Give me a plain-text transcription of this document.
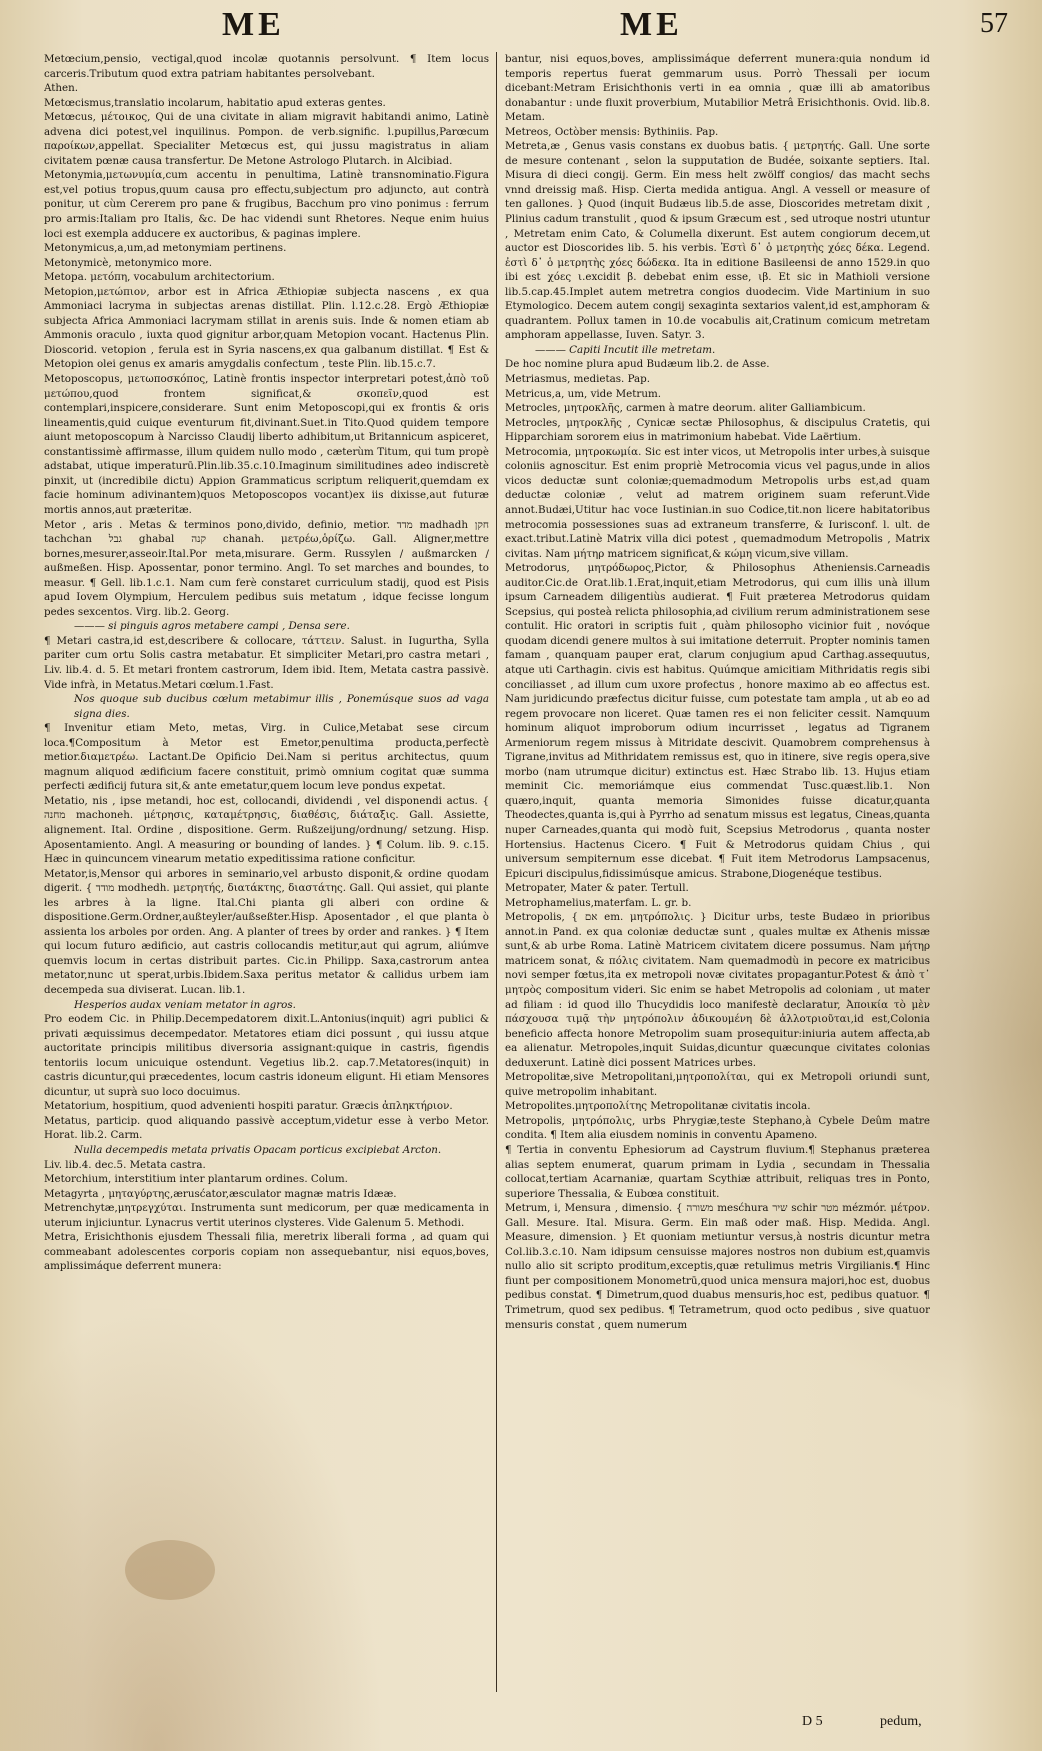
ME	ME	57

Metœcium,pensio, vectigal,quod incolæ quotannis persolvunt. ¶ Item locus carceris.Tributum quod extra patriam habitantes persolvebant.

Athen.

Metœcismus,translatio incolarum, habitatio apud exteras gentes.

Metœcus, μέτοικος, Qui de una civitate in aliam migravit habitandi animo, Latinè advena dici potest,vel inquilinus. Pompon. de verb.signific. l.pupillus,Parœcum παροίκων,appellat. Specialiter Metœcus est, qui jussu magistratus in aliam civitatem pœnæ causa transfertur. De Metone Astrologo Plutarch. in Alcibiad.

Metonymia,μετωνυμία,cum accentu in penultima, Latinè transnominatio.Figura est,vel potius tropus,quum causa pro effectu,subjectum pro adjuncto, aut contrà ponitur, ut cùm Cererem pro pane & frugibus, Bacchum pro vino ponimus : ferrum pro armis:Italiam pro Italis, &c. De hac videndi sunt Rhetores. Neque enim huius loci est exempla adducere ex auctoribus, & paginas implere.

Metonymicus,a,um,ad metonymiam pertinens.

Metonymicè, metonymico more.

Metopa. μετόπη, vocabulum architectorium.

Metopion,μετώπιον, arbor est in Africa Æthiopiæ subjecta nascens , ex qua Ammoniaci lacryma in subjectas arenas distillat. Plin. l.12.c.28. Ergò Æthiopiæ subjecta Africa Ammoniaci lacrymam stillat in arenis suis. Inde & nomen etiam ab Ammonis oraculo , iuxta quod gignitur arbor,quam Metopion vocant. Hactenus Plin. Dioscorid. vetopion , ferula est in Syria nascens,ex qua galbanum distillat. ¶ Est & Metopion olei genus ex amaris amygdalis confectum , teste Plin. lib.15.c.7.

Metoposcopus, μετωποσκόπος, Latinè frontis inspector interpretari potest,ἀπὸ τοῦ μετώπου,quod frontem significat,& σκοπεῖν,quod est contemplari,inspicere,considerare. Sunt enim Metoposcopi,qui ex frontis & oris lineamentis,quid cuique eventurum fit,divinant.Suet.in Tito.Quod quidem tempore aiunt metoposcopum à Narcisso Claudij liberto adhibitum,ut Britannicum aspiceret, constantissimè affirmasse, illum quidem nullo modo , cæterùm Titum, qui tum propè adstabat, utique imperaturū.Plin.lib.35.c.10.Imaginum similitudines adeo indiscretè pinxit, ut (incredibile dictu) Appion Grammaticus scriptum reliquerit,quemdam ex facie hominum adivinantem)quos Metoposcopos vocant)ex iis dixisse,aut futuræ mortis annos,aut præteritæ.

Metor , aris . Metas & terminos pono,divido, definio, metior. מדד madhadh חקן tachchan גבל ghabal קנה chanah. μετρέω,ὁρίζω. Gall. Aligner,mettre bornes,mesurer,asseoir.Ital.Por meta,misurare. Germ. Russylen / außmarcken / außmeßen. Hisp. Apossentar, ponor termino. Angl. To set marches and boundes, to measur. ¶ Gell. lib.1.c.1. Nam cum ferè constaret curriculum stadij, quod est Pisis apud Iovem Olympium, Herculem pedibus suis metatum , idque fecisse longum pedes sexcentos. Virg. lib.2. Georg.

——— si pinguis agros metabere campi , Densa sere.

¶ Metari castra,id est,describere & collocare, τάττειν. Salust. in Iugurtha, Sylla pariter cum ortu Solis castra metabatur. Et simpliciter Metari,pro castra metari , Liv. lib.4. d. 5. Et metari frontem castrorum, Idem ibid. Item, Metata castra passivè. Vide infrà, in Metatus.Metari cœlum.1.Fast.

Nos quoque sub ducibus cœlum metabimur illis , Ponemúsque suos ad vaga signa dies.

¶ Invenitur etiam Meto, metas, Virg. in Culice,Metabat sese circum loca.¶Compositum à Metor est Emetor,penultima producta,perfectè metior.διαμετρέω. Lactant.De Opificio Dei.Nam si peritus architectus, quum magnum aliquod ædificium facere constituit, primò omnium cogitat quæ summa perfecti ædificij futura sit,& ante emetatur,quem locum leve pondus expetat.

Metatio, nis , ipse metandi, hoc est, collocandi, dividendi , vel disponendi actus. { מחנה machoneh. μέτρησις, καταμέτρησις, διαθέσις, διάταξις. Gall. Assiette, alignement. Ital. Ordine , dispositione. Germ. Rußzeijung/ordnung/ setzung. Hisp. Aposentamiento. Angl. A measuring or bounding of landes. } ¶ Colum. lib. 9. c.15. Hæc in quincuncem vinearum metatio expeditissima ratione conficitur.

Metator,is,Mensor qui arbores in seminario,vel arbusto disponit,& ordine quodam digerit. { מודד modhedh. μετρητής, διατάκτης, διαστάτης. Gall. Qui assiet, qui plante les arbres à la ligne. Ital.Chi pianta gli alberi con ordine & dispositione.Germ.Ordner,außteyler/außseßter.Hisp. Aposentador , el que planta ò assienta los arboles por orden. Ang. A planter of trees by order and rankes. } ¶ Item qui locum futuro ædificio, aut castris collocandis metitur,aut qui agrum, aliúmve quemvis locum in certas distribuit partes. Cic.in Philipp. Saxa,castrorum antea metator,nunc ut sperat,urbis.Ibidem.Saxa peritus metator & callidus urbem iam decempeda sua diviserat. Lucan. lib.1.

Hesperios audax veniam metator in agros.

Pro eodem Cic. in Philip.Decempedatorem dixit.L.Antonius(inquit) agri publici & privati æquissimus decempedator. Metatores etiam dici possunt , qui iussu atque auctoritate principis militibus diversoria assignant:quique in castris, figendis tentoriis locum unicuique ostendunt. Vegetius lib.2. cap.7.Metatores(inquit) in castris dicuntur,qui præcedentes, locum castris idoneum eligunt. Hi etiam Mensores dicuntur, ut suprà suo loco docuimus.

Metatorium, hospitium, quod advenienti hospiti paratur. Græcis ἀπληκτήριον.

Metatus, particip. quod aliquando passivè acceptum,videtur esse à verbo Metor. Horat. lib.2. Carm.

Nulla decempedis metata privatis Opacam porticus excipiebat Arcton.

Liv. lib.4. dec.5. Metata castra.

Metorchium, interstitium inter plantarum ordines. Colum.

Metagyrta , μηταγύρτης,ærusćator,æsculator magnæ matris Idææ.

Metrenchytæ,μητρεγχύται. Instrumenta sunt medicorum, per quæ medicamenta in uterum injiciuntur. Lynacrus vertit uterinos clysteres. Vide Galenum 5. Methodi.

Metra, Erisichthonis ejusdem Thessali filia, meretrix liberali forma , ad quam qui commeabant adolescentes corporis copiam non assequebantur, nisi equos,boves, amplissimáque deferrent munera:

bantur, nisi equos,boves, amplissimáque deferrent munera:quia nondum id temporis repertus fuerat gemmarum usus. Porrò Thessali per iocum dicebant:Metram Erisichthonis verti in ea omnia , quæ illi ab amatoribus donabantur : unde fluxit proverbium, Mutabilior Metrâ Erisichthonis. Ovid. lib.8. Metam.

Metreos, Octòber mensis: Bythiniis. Pap.

Metreta,æ , Genus vasis constans ex duobus batis. { μετρητής. Gall. Une sorte de mesure contenant , selon la supputation de Budée, soixante septiers. Ital. Misura di dieci congij. Germ. Ein mess helt zwölff congios/ das macht sechs vnnd dreissig maß. Hisp. Cierta medida antigua. Angl. A vessell or measure of ten gallones. } Quod (inquit Budæus lib.5.de asse, Dioscorides metretam dixit , Plinius cadum transtulit , quod & ipsum Græcum est , sed utroque nostri utuntur , Metretam enim Cato, & Columella dixerunt. Est autem congiorum decem,ut auctor est Dioscorides lib. 5. his verbis. Ἐστὶ δ᾽ ὁ μετρητὴς χόες δέκα. Legend. ἐστὶ δ᾽ ὁ μετρητὴς χόες δώδεκα. Ita in editione Basileensi de anno 1529.in quo ibi est χόες ι.excidit β. debebat enim esse, ιβ. Et sic in Mathioli versione lib.5.cap.45.Implet autem metretra congios duodecim. Vide Martinium in suo Etymologico. Decem autem congij sexaginta sextarios valent,id est,amphoram & quadrantem. Pollux tamen in 10.de vocabulis ait,Cratinum comicum metretam amphoram appellasse, Iuven. Satyr. 3.

——— Capiti Incutit ille metretam.

De hoc nomine plura apud Budæum lib.2. de Asse.

Metriasmus, medietas. Pap.

Metricus,a, um, vide Metrum.

Metrocles, μητροκλῆς, carmen à matre deorum. aliter Galliambicum.

Metrocles, μητροκλῆς , Cynicæ sectæ Philosophus, & discipulus Cratetis, qui Hipparchiam sororem eius in matrimonium habebat. Vide Laërtium.

Metrocomia, μητροκωμία. Sic est inter vicos, ut Metropolis inter urbes,à suisque coloniis agnoscitur. Est enim propriè Metrocomia vicus vel pagus,unde in alios vicos deductæ sunt coloniæ;quemadmodum Metropolis urbs est,ad quam deductæ coloniæ , velut ad matrem originem suam referunt.Vide annot.Budæi,Utitur hac voce Iustinian.in suo Codice,tit.non licere habitatoribus metrocomia possessiones suas ad extraneum transferre, & Iurisconf. l. ult. de exact.tribut.Latinè Matrix villa dici potest , quemadmodum Metropolis , Matrix civitas. Nam μήτηρ matricem significat,& κώμη vicum,sive villam.

Metrodorus, μητρόδωρος,Pictor, & Philosophus Atheniensis.Carneadis auditor.Cic.de Orat.lib.1.Erat,inquit,etiam Metrodorus, qui cum illis unà illum ipsum Carneadem diligentiùs audierat. ¶ Fuit præterea Metrodorus quidam Scepsius, qui posteà relicta philosophia,ad civilium rerum administrationem sese contulit. Hic oratori in scriptis fuit , quàm philosopho vicinior fuit , novóque quodam dicendi genere multos à sui imitatione deterruit. Propter nominis tamen famam , quanquam pauper erat, clarum conjugium apud Carthag.assequutus, atque uti Carthagin. civis est habitus. Quúmque amicitiam Mithridatis regis sibi conciliasset , ad illum cum uxore profectus , honore maximo ab eo affectus est. Nam juridicundo præfectus dicitur fuisse, cum potestate tam ampla , ut ab eo ad regem provocare non liceret. Quæ tamen res ei non feliciter cessit. Namquum hominum aliquot improborum odium incurrisset , legatus ad Tigranem Armeniorum regem missus à Mitridate descivit. Quamobrem comprehensus à Tigrane,invitus ad Mithridatem remissus est, quo in itinere, sive regis opera,sive morbo (nam utrumque dicitur) extinctus est. Hæc Strabo lib. 13. Hujus etiam meminit Cic. memoriámque eius commendat Tusc.quæst.lib.1. Non quæro,inquit, quanta memoria Simonides fuisse dicatur,quanta Theodectes,quanta is,qui à Pyrrho ad senatum missus est legatus, Cineas,quanta nuper Carneades,quanta qui modò fuit, Scepsius Metrodorus , quanta noster Hortensius. Hactenus Cicero. ¶ Fuit & Metrodorus quidam Chius , qui universum sempiternum esse dicebat. ¶ Fuit item Metrodorus Lampsacenus, Epicuri discipulus,fidissimúsque amicus. Strabone,Diogenéque testibus.

Metropater, Mater & pater. Tertull.

Metrophamelius,materfam. L. gr. b.

Metropolis, { אם em. μητρόπολις. } Dicitur urbs, teste Budæo in prioribus annot.in Pand. ex qua coloniæ deductæ sunt , quales multæ ex Athenis missæ sunt,& ab urbe Roma. Latinè Matricem civitatem dicere possumus. Nam μήτηρ matricem sonat, & πόλις civitatem. Nam quemadmodù in pecore ex matricibus novi semper fœtus,ita ex metropoli novæ civitates propagantur.Potest & ἀπὸ τ᾽ μητρὸς compositum videri. Sic enim se habet Metropolis ad coloniam , ut mater ad filiam : id quod illo Thucydidis loco manifestè declaratur, Ἀποικία τὸ μὲν πάσχουσα τιμᾷ τὴν μητρόπολιν ἀδικουμένη δὲ ἀλλοτριοῦται,id est,Colonia beneficio affecta honore Metropolim suam prosequitur:iniuria autem affecta,ab ea alienatur. Metropoles,inquit Suidas,dicuntur quæcunque civitates colonias deduxerunt. Latinè dici possent Matrices urbes.

Metropolitæ,sive Metropolitani,μητροπολίται, qui ex Metropoli oriundi sunt, quive metropolim inhabitant.

Metropolites.μητροπολίτης Metropolitanæ civitatis incola.

Metropolis, μητρόπολις, urbs Phrygiæ,teste Stephano,à Cybele Deûm matre condita. ¶ Item alia eiusdem nominis in conventu Apameno.

¶ Tertia in conventu Ephesiorum ad Caystrum fluvium.¶ Stephanus præterea alias septem enumerat, quarum primam in Lydia , secundam in Thessalia collocat,tertiam Acarnaniæ, quartam Scythiæ attribuit, reliquas tres in Ponto, superiore Thessalia, & Eubœa constituit.

Metrum, i, Mensura , dimensio. { משורה mesćhura שיר schir מטר mézmór. μέτρον. Gall. Mesure. Ital. Misura. Germ. Ein maß oder maß. Hisp. Medida. Angl. Measure, dimension. } Et quoniam metiuntur versus,à nostris dicuntur metra Col.lib.3.c.10. Nam idipsum censuisse majores nostros non dubium est,quamvis nullo alio sit scripto proditum,exceptis,quæ retulimus metris Virgilianis.¶ Hinc fiunt per compositionem Monometrū,quod unica mensura majori,hoc est, duobus pedibus constat. ¶ Dimetrum,quod duabus mensuris,hoc est, pedibus quatuor. ¶ Trimetrum, quod sex pedibus. ¶ Tetrametrum, quod octo pedibus , sive quatuor mensuris constat , quem numerum

D 5	pedum,
